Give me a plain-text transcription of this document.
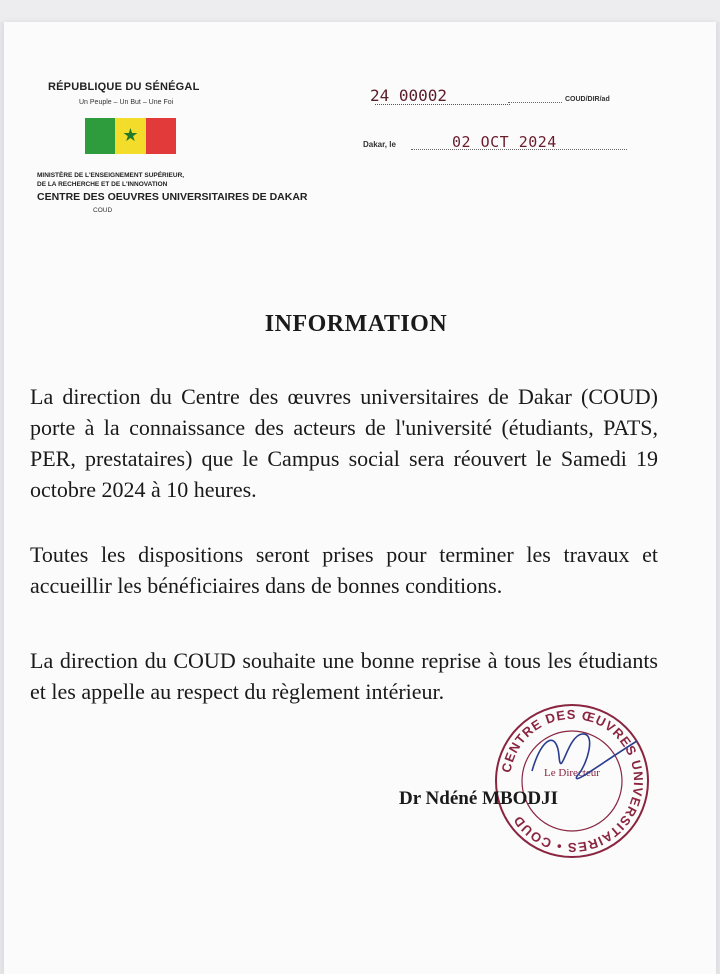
RÉPUBLIQUE DU SÉNÉGAL
Un Peuple – Un But – Une Foi
★
MINISTÈRE DE L'ENSEIGNEMENT SUPÉRIEUR,
DE LA RECHERCHE ET DE L'INNOVATION
CENTRE DES OEUVRES UNIVERSITAIRES DE DAKAR
COUD
24 00002	COUD/DIR/ad
Dakar, le	02 OCT 2024
INFORMATION

La direction du Centre des œuvres universitaires de Dakar (COUD) porte à la connaissance des acteurs de l'université (étudiants, PATS, PER, prestataires) que le Campus social sera réouvert le Samedi 19 octobre 2024 à 10 heures.

Toutes les dispositions seront prises pour terminer les travaux et accueillir les bénéficiaires dans de bonnes conditions.

La direction du COUD souhaite une bonne reprise à tous les étudiants et les appelle au respect du règlement intérieur.

CENTRE DES ŒUVRES UNIVERSITAIRES • COUD
Le Directeur
Dr Ndéné MBODJI
